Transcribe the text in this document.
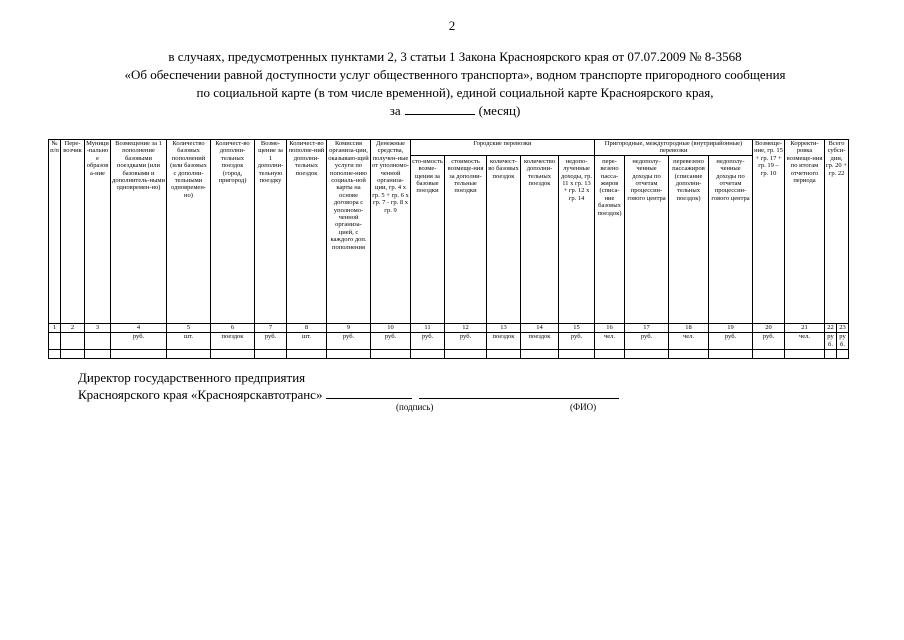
2
в случаях, предусмотренных пунктами 2, 3 статьи 1 Закона Красноярского края от 07.07.2009 № 8-3568
«Об обеспечении равной доступности услуг общественного транспорта», водном транспорте пригородного сообщения
по социальной карте (в том числе временной), единой социальной карте Красноярского края,
за	(месяц)
№ п/п	Пере-возчик	Муници-пальное образова-ние	Возмещение за 1 пополнение базовыми поездками (или базовыми и дополнитель-ными одновремен-но)	Количество базовых пополнений (или базовых с дополни-тельными одновремен-но)	Количест-во дополни-тельных поездок (город, пригород)	Возме-щение за 1 дополни-тельную поездку	Количест-во пополне-ний дополни-тельных поездок	Комиссия организа-ции, оказываю-щей услуги по пополне-нию социаль-ной карты на основе договора с уполномо-ченной организа-цией, с каждого доп. пополнения	Денежные средства, получен-ные от уполномо-ченной организа-ции, гр. 4 х гр. 5 + гр. 6 х гр. 7 - гр. 8 х гр. 9	Городские перевозки					Пригородные, междугородные (внутрирайонные) перевозки				Возмеще-ние, гр. 15 + гр. 17 + гр. 19 – гр. 10	Корректи-ровка возмеще-ния по итогам отчетного периода	Всего субси-дии, гр. 20 + гр. 22	
										сто-имость возме-щения за базовые поездки	стоимость возмеще-ния за дополни-тельные поездки	количест-во базовых поездок	количество дополни-тельных поездок	недопо-лученные доходы, гр. 11 х гр. 13 + гр. 12 х гр. 14	пере-везено пасса-жиров (списа-ние базовых поездок)	недополу-ченные доходы по отчетам процессин-гового центра	перевезено пассажиров (списание дополни-тельных поездок)	недополу-ченные доходы по отчетам процессин-гового центра				
1	2	3	4	5	6	7	8	9	10	11	12	13	14	15	16	17	18	19	20	21	22	23
			руб.	шт.	поездок	руб.	шт.	руб.	руб.	руб.	руб.	поездок	поездок	руб.	чел.	руб.	чел.	руб.	руб.	чел.	руб.	руб.

Директор государственного предприятия
Красноярского края «Красноярскавтотранс»
(подпись)	(ФИО)
